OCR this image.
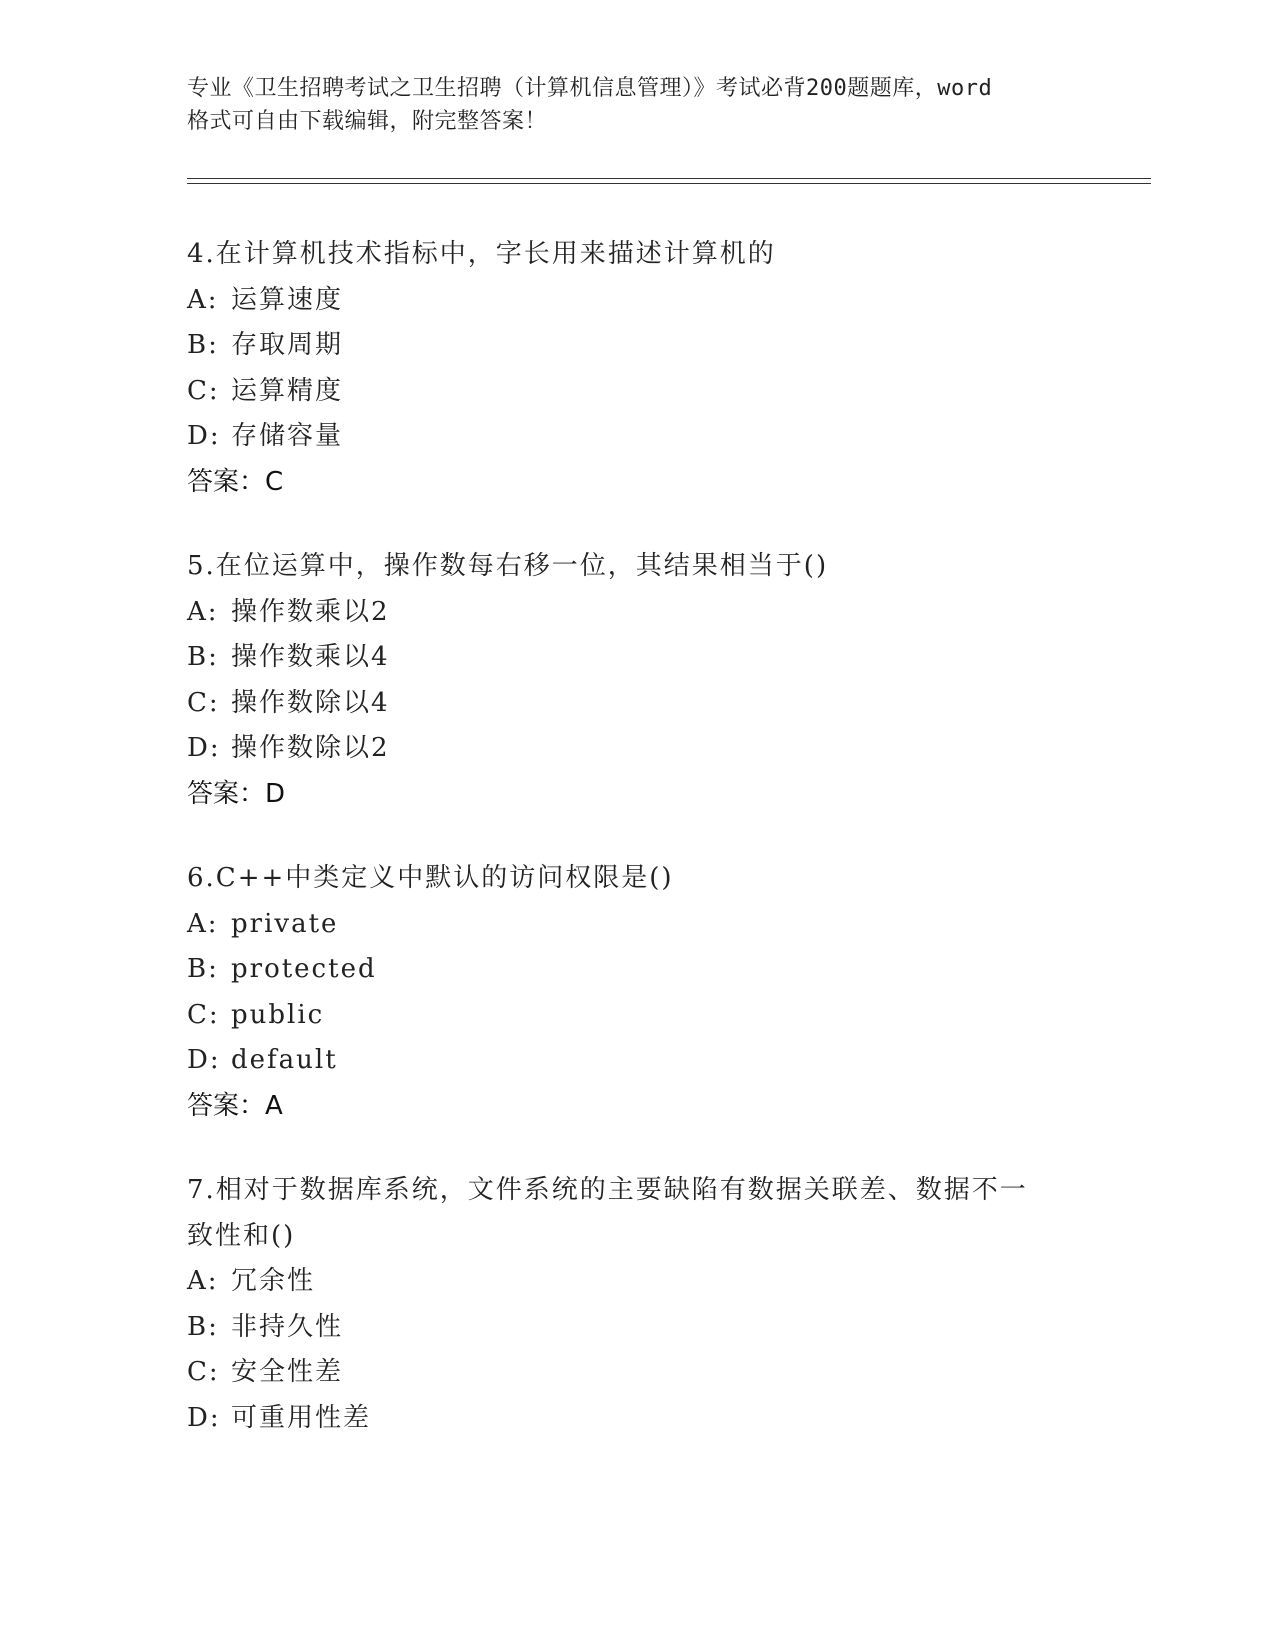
专业《卫生招聘考试之卫生招聘（计算机信息管理）》考试必背200题题库，word
格式可自由下载编辑，附完整答案！
4.在计算机技术指标中，字长用来描述计算机的
A: 运算速度
B: 存取周期
C: 运算精度
D: 存储容量
答案：C
5.在位运算中，操作数每右移一位，其结果相当于()
A: 操作数乘以2
B: 操作数乘以4
C: 操作数除以4
D: 操作数除以2
答案：D
6.C++中类定义中默认的访问权限是()
A: private
B: protected
C: public
D: default
答案：A
7.相对于数据库系统，文件系统的主要缺陷有数据关联差、数据不一
致性和()
A: 冗余性
B: 非持久性
C: 安全性差
D: 可重用性差
